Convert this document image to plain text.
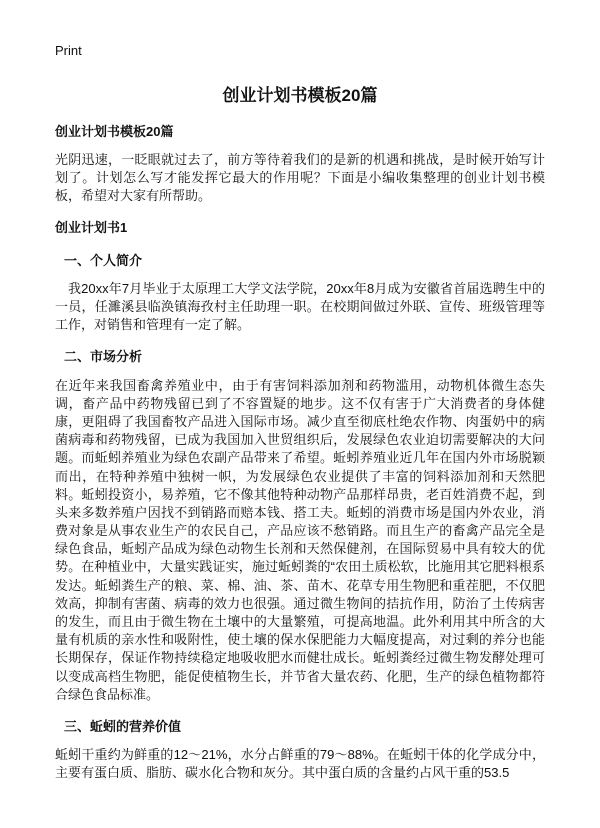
Print
创业计划书模板20篇
创业计划书模板20篇

光阴迅速，一眨眼就过去了，前方等待着我们的是新的机遇和挑战，是时候开始写计划了。计划怎么写才能发挥它最大的作用呢？下面是小编收集整理的创业计划书模板，希望对大家有所帮助。

创业计划书1
一、个人简介

我20xx年7月毕业于太原理工大学文法学院，20xx年8月成为安徽省首届选聘生中的一员，任濉溪县临涣镇海孜村主任助理一职。在校期间做过外联、宣传、班级管理等工作，对销售和管理有一定了解。

二、市场分析

在近年来我国畜禽养殖业中，由于有害饲料添加剂和药物滥用，动物机体微生态失调，畜产品中药物残留已到了不容置疑的地步。这不仅有害于广大消费者的身体健康，更阻碍了我国畜牧产品进入国际市场。减少直至彻底杜绝农作物、肉蛋奶中的病菌病毒和药物残留，已成为我国加入世贸组织后，发展绿色农业迫切需要解决的大问题。而蚯蚓养殖业为绿色农副产品带来了希望。蚯蚓养殖业近几年在国内外市场脱颖而出，在特种养殖中独树一帜，为发展绿色农业提供了丰富的饲料添加剂和天然肥料。蚯蚓投资小，易养殖，它不像其他特种动物产品那样昂贵，老百姓消费不起，到头来多数养殖户因找不到销路而赔本钱、搭工夫。蚯蚓的消费市场是国内外农业，消费对象是从事农业生产的农民自己，产品应该不愁销路。而且生产的畜禽产品完全是绿色食品，蚯蚓产品成为绿色动物生长剂和天然保健剂，在国际贸易中具有较大的优势。在种植业中，大量实践证实，施过蚯蚓粪的“农田土质松软，比施用其它肥料根系发达。蚯蚓粪生产的粮、菜、棉、油、茶、苗木、花草专用生物肥和重茬肥，不仅肥效高，抑制有害菌、病毒的效力也很强。通过微生物间的拮抗作用，防治了土传病害的发生，而且由于微生物在土壤中的大量繁殖，可提高地温。此外利用其中所含的大量有机质的亲水性和吸附性，使土壤的保水保肥能力大幅度提高，对过剩的养分也能长期保存，保证作物持续稳定地吸收肥水而健壮成长。蚯蚓粪经过微生物发酵处理可以变成高档生物肥，能促使植物生长，并节省大量农药、化肥，生产的绿色植物都符合绿色食品标准。

三、蚯蚓的营养价值

蚯蚓干重约为鲜重的12～21%，水分占鲜重的79～88%。在蚯蚓干体的化学成分中，主要有蛋白质、脂肪、碳水化合物和灰分。其中蛋白质的含量约占风干重的53.5
